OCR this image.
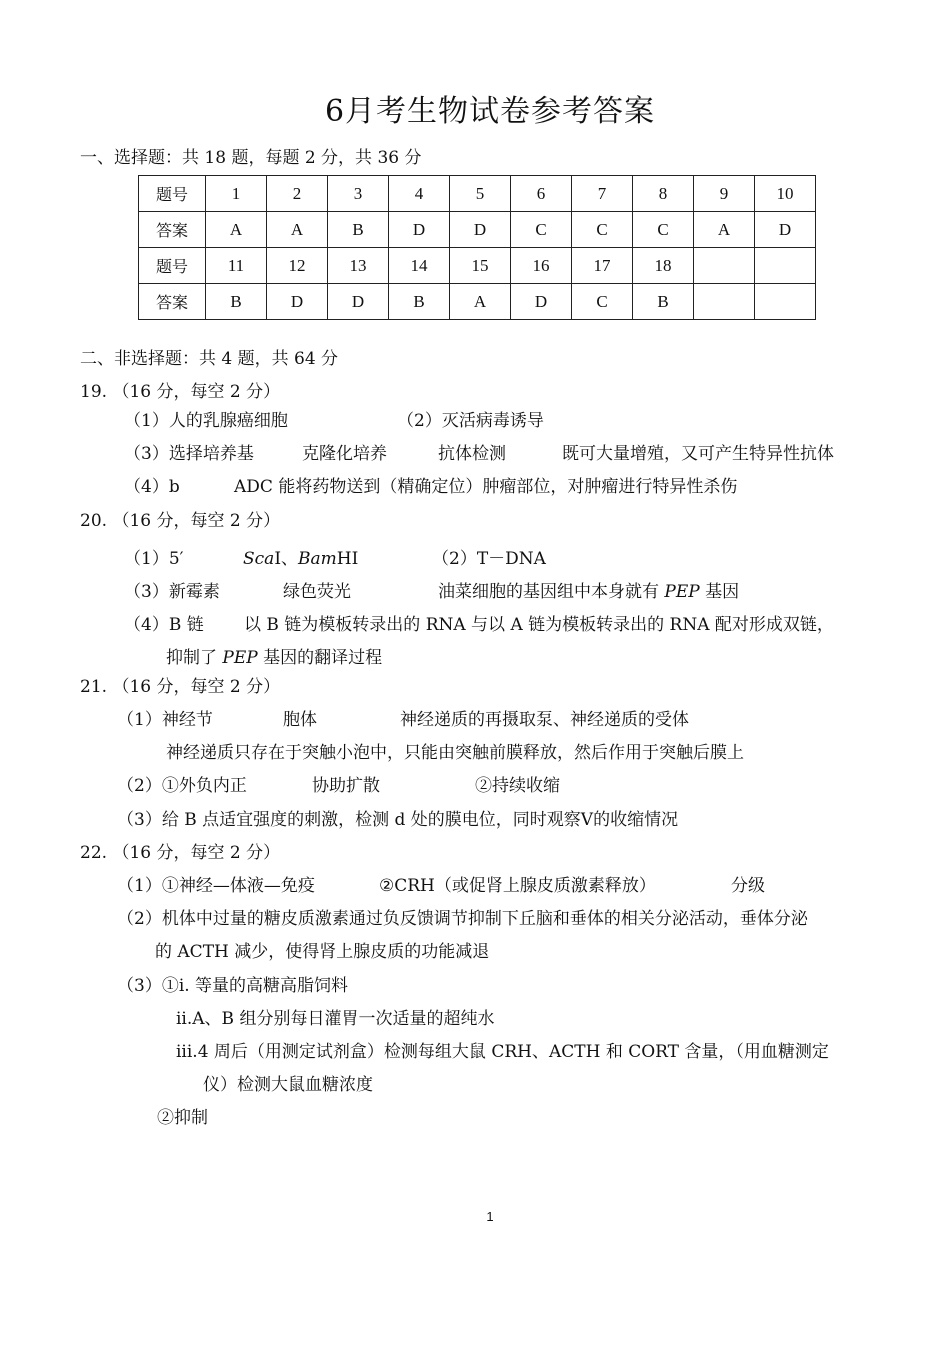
6月考生物试卷参考答案
一、选择题：共 18 题，每题 2 分，共 36 分
题号	1	2	3	4	5	6	7	8	9	10
答案	A	A	B	D	D	C	C	C	A	D
题号	11	12	13	14	15	16	17	18		
答案	B	D	D	B	A	D	C	B		
二、非选择题：共 4 题，共 64 分
19. （16 分，每空 2 分）
（1）人的乳腺癌细胞	（2）灭活病毒诱导
（3）选择培养基	克隆化培养	抗体检测	既可大量增殖，又可产生特异性抗体
（4）b	ADC 能将药物送到（精确定位）肿瘤部位，对肿瘤进行特异性杀伤
20. （16 分，每空 2 分）
（1）5′	ScaⅠ、BamHⅠ	（2）T－DNA
（3）新霉素	绿色荧光	油菜细胞的基因组中本身就有 PEP 基因
（4）B 链 以 B 链为模板转录出的 RNA 与以 A 链为模板转录出的 RNA 配对形成双链，
抑制了 PEP 基因的翻译过程
21. （16 分，每空 2 分）
（1）神经节	胞体	神经递质的再摄取泵、神经递质的受体
神经递质只存在于突触小泡中，只能由突触前膜释放，然后作用于突触后膜上
（2）①外负内正	协助扩散	②持续收缩
（3）给 B 点适宜强度的刺激，检测 d 处的膜电位，同时观察Ⅴ的收缩情况
22. （16 分，每空 2 分）
（1）①神经—体液—免疫	②CRH（或促肾上腺皮质激素释放）	分级
（2）机体中过量的糖皮质激素通过负反馈调节抑制下丘脑和垂体的相关分泌活动，垂体分泌
的 ACTH 减少，使得肾上腺皮质的功能减退
（3）①i. 等量的高糖高脂饲料
ii.A、B 组分别每日灌胃一次适量的超纯水
iii.4 周后（用测定试剂盒）检测每组大鼠 CRH、ACTH 和 CORT 含量，（用血糖测定
仪）检测大鼠血糖浓度
②抑制
1
